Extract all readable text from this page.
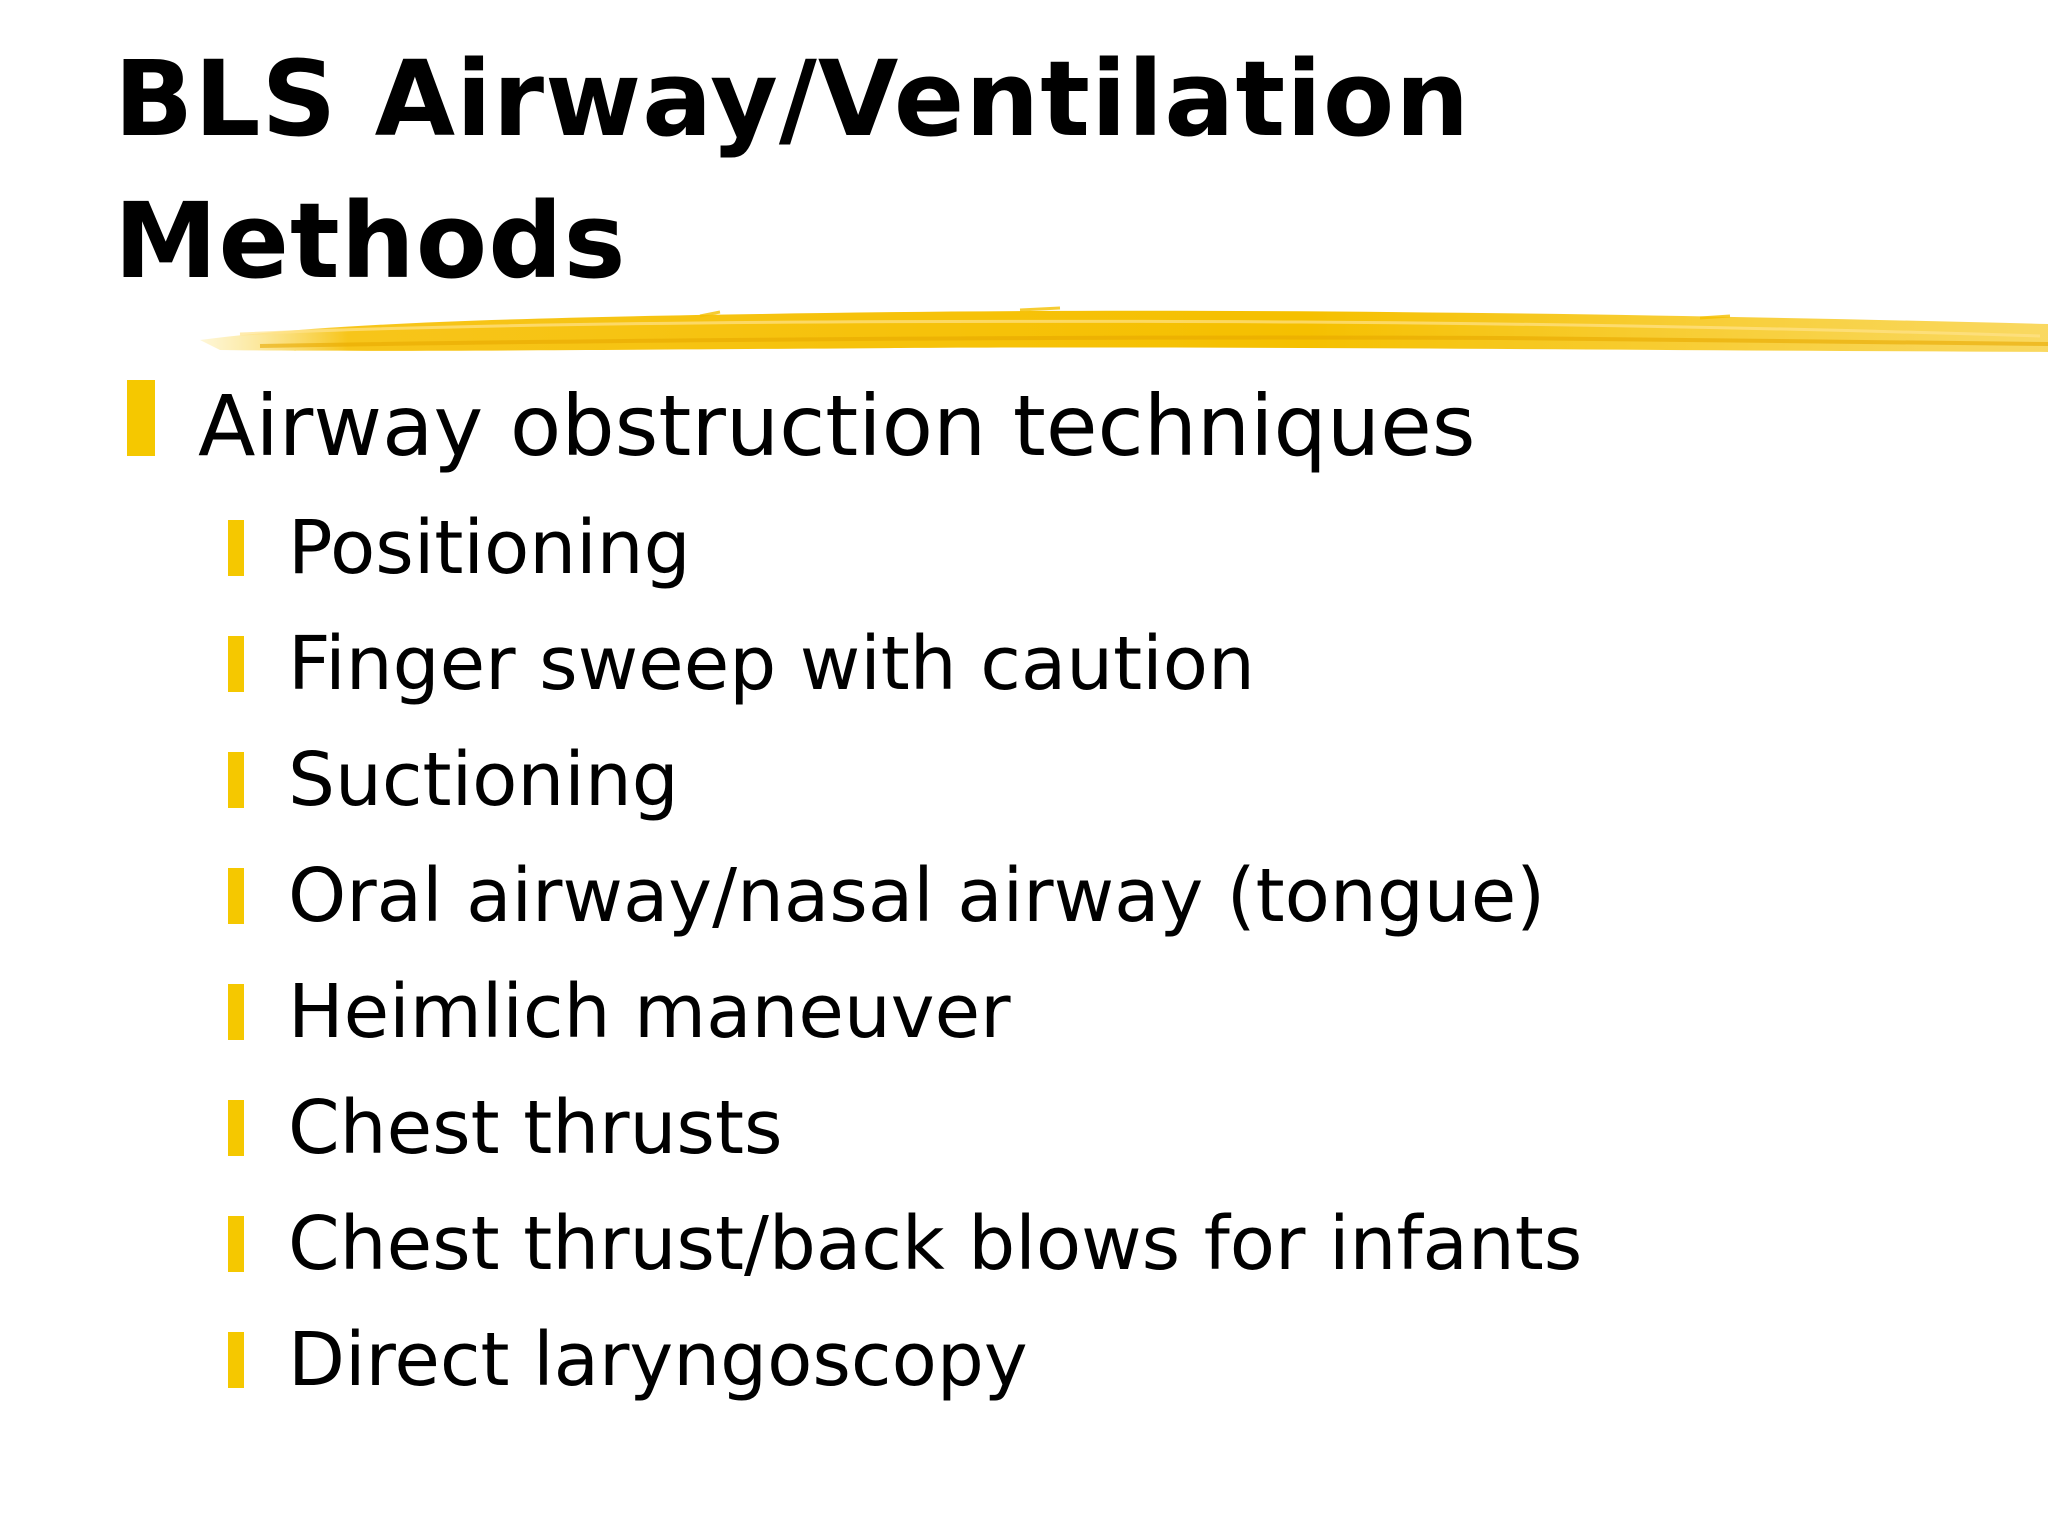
BLS Airway/Ventilation
Methods
Airway obstruction techniques
Positioning
Finger sweep with caution
Suctioning
Oral airway/nasal airway (tongue)
Heimlich maneuver
Chest thrusts
Chest thrust/back blows for infants
Direct laryngoscopy
